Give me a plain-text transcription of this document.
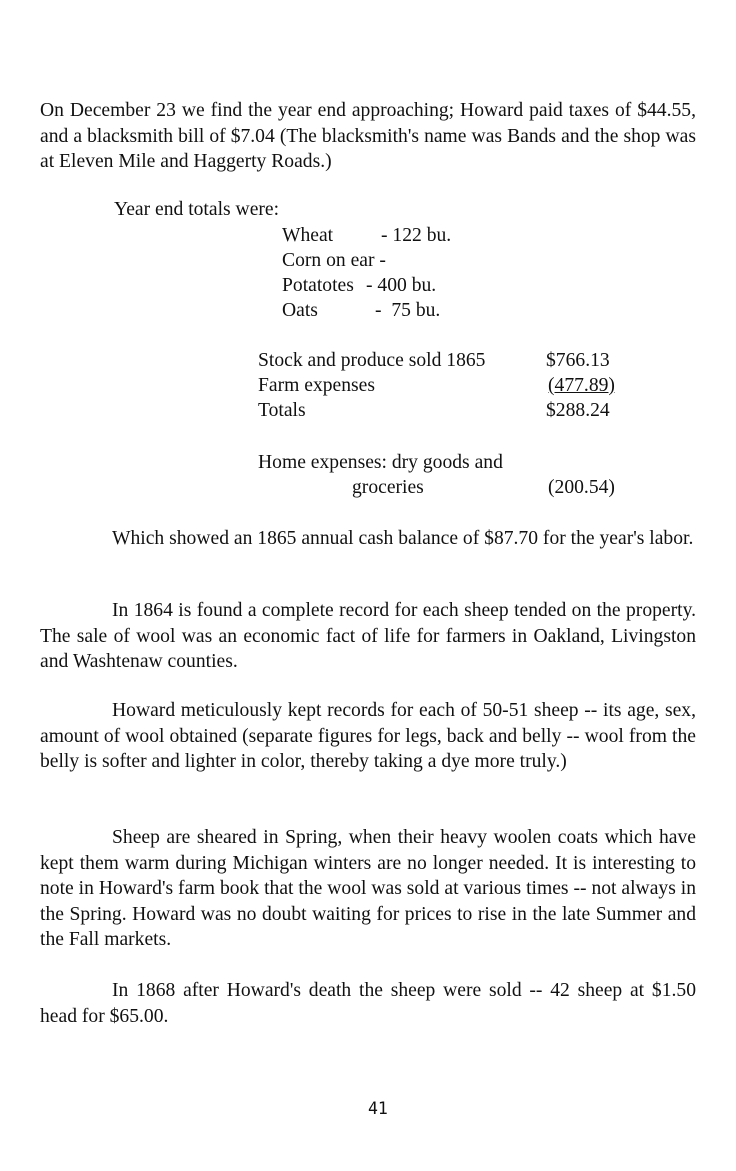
On December 23 we find the year end approaching; Howard paid taxes of $44.55, and a blacksmith bill of $7.04 (The blacksmith's name was Bands and the shop was at Eleven Mile and Haggerty Roads.)

Year end totals were:

Wheat - 122 bu.

Corn on ear -

Potatotes - 400 bu.

Oats	-  75 bu.

Stock and produce sold 1865	$766.13

Farm expenses	(477.89)

Totals	$288.24

Home expenses: dry goods and

groceries	(200.54)

Which showed an 1865 annual cash balance of $87.70 for the year's labor.

In 1864 is found a complete record for each sheep tended on the property. The sale of wool was an economic fact of life for farmers in Oakland, Livingston and Washtenaw counties.

Howard meticulously kept records for each of 50-51 sheep -- its age, sex, amount of wool obtained (separate figures for legs, back and belly -- wool from the belly is softer and lighter in color, thereby taking a dye more truly.)

Sheep are sheared in Spring, when their heavy woolen coats which have kept them warm during Michigan winters are no longer needed. It is interesting to note in Howard's farm book that the wool was sold at various times -- not always in the Spring. Howard was no doubt waiting for prices to rise in the late Summer and the Fall markets.

In 1868 after Howard's death the sheep were sold -- 42 sheep at $1.50 head for $65.00.

41
